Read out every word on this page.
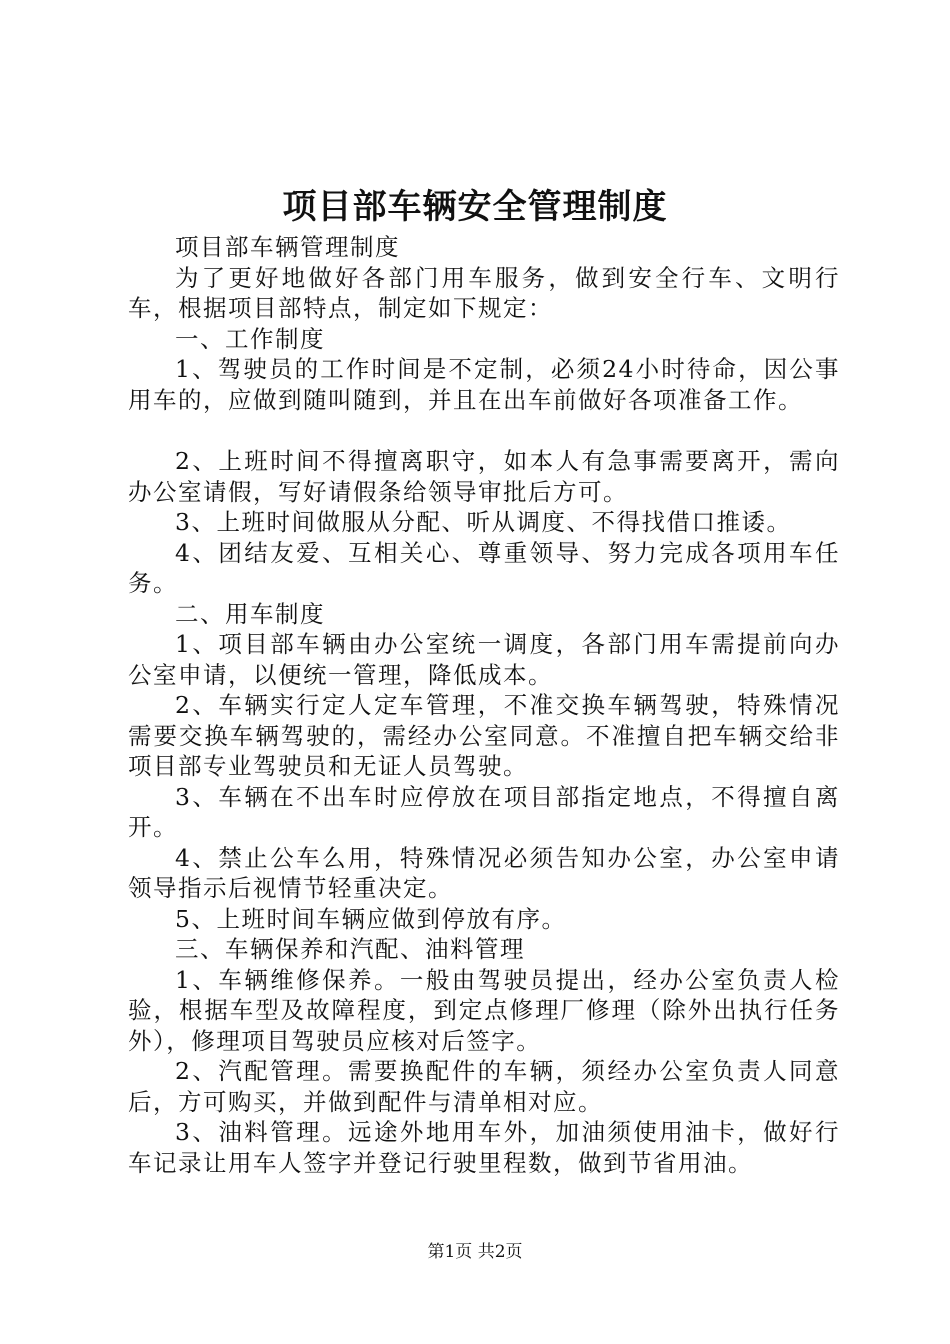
项目部车辆安全管理制度

项目部车辆管理制度

为了更好地做好各部门用车服务，做到安全行车、文明行车，根据项目部特点，制定如下规定：

一、工作制度

1、驾驶员的工作时间是不定制，必须24小时待命，因公事用车的，应做到随叫随到，并且在出车前做好各项准备工作。

2、上班时间不得擅离职守，如本人有急事需要离开，需向办公室请假，写好请假条给领导审批后方可。

3、上班时间做服从分配、听从调度、不得找借口推诿。

4、团结友爱、互相关心、尊重领导、努力完成各项用车任务。

二、用车制度

1、项目部车辆由办公室统一调度，各部门用车需提前向办公室申请，以便统一管理，降低成本。

2、车辆实行定人定车管理，不准交换车辆驾驶，特殊情况需要交换车辆驾驶的，需经办公室同意。不准擅自把车辆交给非项目部专业驾驶员和无证人员驾驶。

3、车辆在不出车时应停放在项目部指定地点，不得擅自离开。

4、禁止公车么用，特殊情况必须告知办公室，办公室申请领导指示后视情节轻重决定。

5、上班时间车辆应做到停放有序。

三、车辆保养和汽配、油料管理

1、车辆维修保养。一般由驾驶员提出，经办公室负责人检验，根据车型及故障程度，到定点修理厂修理（除外出执行任务外），修理项目驾驶员应核对后签字。

2、汽配管理。需要换配件的车辆，须经办公室负责人同意后，方可购买，并做到配件与清单相对应。

3、油料管理。远途外地用车外，加油须使用油卡，做好行车记录让用车人签字并登记行驶里程数，做到节省用油。

第1页 共2页
